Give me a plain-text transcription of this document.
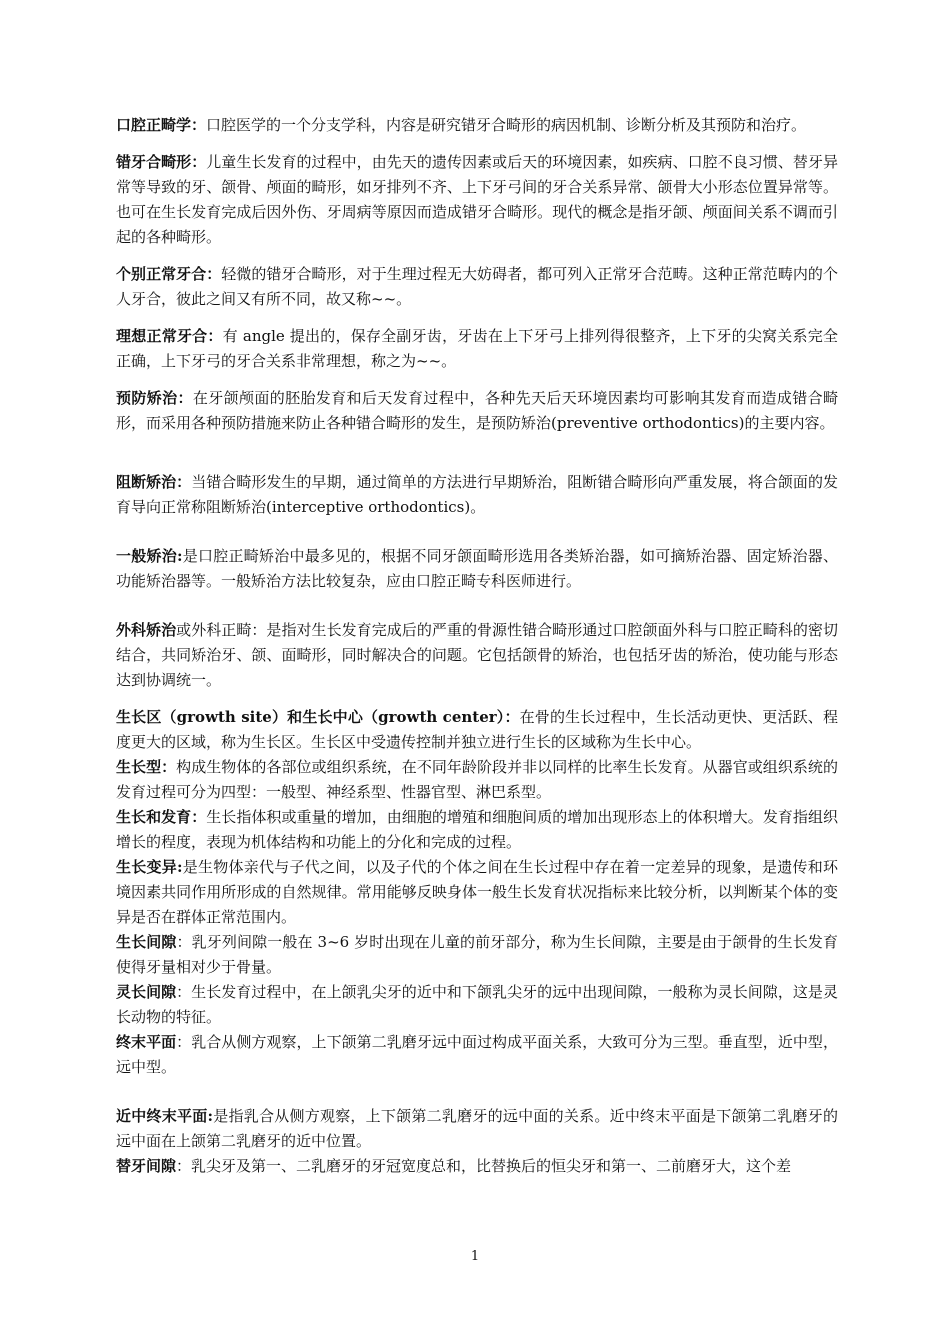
口腔正畸学：口腔医学的一个分支学科，内容是研究错牙合畸形的病因机制、诊断分析及其预防和治疗。

错牙合畸形：儿童生长发育的过程中，由先天的遗传因素或后天的环境因素，如疾病、口腔不良习惯、替牙异常等导致的牙、颌骨、颅面的畸形，如牙排列不齐、上下牙弓间的牙合关系异常、颌骨大小形态位置异常等。也可在生长发育完成后因外伤、牙周病等原因而造成错牙合畸形。现代的概念是指牙颌、颅面间关系不调而引起的各种畸形。

个别正常牙合：轻微的错牙合畸形，对于生理过程无大妨碍者，都可列入正常牙合范畴。这种正常范畴内的个人牙合，彼此之间又有所不同，故又称~~。

理想正常牙合：有 angle 提出的，保存全副牙齿，牙齿在上下牙弓上排列得很整齐，上下牙的尖窝关系完全正确，上下牙弓的牙合关系非常理想，称之为~~。

预防矫治：在牙颌颅面的胚胎发育和后天发育过程中，各种先天后天环境因素均可影响其发育而造成错合畸形，而采用各种预防措施来防止各种错合畸形的发生，是预防矫治(preventive orthodontics)的主要内容。

阻断矫治：当错合畸形发生的早期，通过简单的方法进行早期矫治，阻断错合畸形向严重发展，将合颌面的发育导向正常称阻断矫治(interceptive orthodontics)。

一般矫治:是口腔正畸矫治中最多见的，根据不同牙颌面畸形选用各类矫治器，如可摘矫治器、固定矫治器、功能矫治器等。一般矫治方法比较复杂，应由口腔正畸专科医师进行。

外科矫治或外科正畸：是指对生长发育完成后的严重的骨源性错合畸形通过口腔颌面外科与口腔正畸科的密切结合，共同矫治牙、颌、面畸形，同时解决合的问题。它包括颌骨的矫治，也包括牙齿的矫治，使功能与形态达到协调统一。

生长区（growth site）和生长中心（growth center）：在骨的生长过程中，生长活动更快、更活跃、程度更大的区域，称为生长区。生长区中受遗传控制并独立进行生长的区域称为生长中心。

生长型：构成生物体的各部位或组织系统，在不同年龄阶段并非以同样的比率生长发育。从器官或组织系统的发育过程可分为四型：一般型、神经系型、性器官型、淋巴系型。

生长和发育：生长指体积或重量的增加，由细胞的增殖和细胞间质的增加出现形态上的体积增大。发育指组织增长的程度，表现为机体结构和功能上的分化和完成的过程。

生长变异:是生物体亲代与子代之间，以及子代的个体之间在生长过程中存在着一定差异的现象，是遗传和环境因素共同作用所形成的自然规律。常用能够反映身体一般生长发育状况指标来比较分析，以判断某个体的变异是否在群体正常范围内。

生长间隙：乳牙列间隙一般在 3~6 岁时出现在儿童的前牙部分，称为生长间隙，主要是由于颌骨的生长发育使得牙量相对少于骨量。

灵长间隙：生长发育过程中，在上颌乳尖牙的近中和下颌乳尖牙的远中出现间隙，一般称为灵长间隙，这是灵长动物的特征。

终末平面：乳合从侧方观察，上下颌第二乳磨牙远中面过构成平面关系，大致可分为三型。垂直型，近中型，远中型。

近中终末平面:是指乳合从侧方观察，上下颌第二乳磨牙的远中面的关系。近中终末平面是下颌第二乳磨牙的远中面在上颌第二乳磨牙的近中位置。

替牙间隙：乳尖牙及第一、二乳磨牙的牙冠宽度总和，比替换后的恒尖牙和第一、二前磨牙大，这个差

1
